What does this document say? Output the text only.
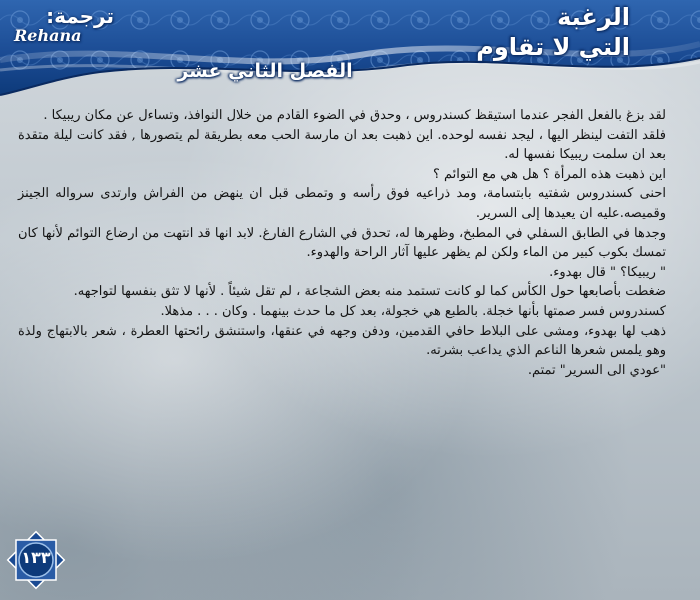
الرغبة
التي لا تقاوم
ترجمة:
Rehana
الفصل الثاني عشر

لقد بزغ بالفعل الفجر عندما استيقظ كسندروس ، وحدق في الضوء القادم من خلال النوافذ، وتساءل عن مكان ريبيكا .

فلقد التفت لينظر اليها ، ليجد نفسه لوحده. اين ذهبت بعد ان مارسة الحب معه بطريقة لم يتصورها , فقد كانت ليلة متقدة بعد ان سلمت ريبيكا نفسها له.

اين ذهبت هذه المرأة ؟ هل هي مع التوائم ؟

احنى كسندروس شفتيه بابتسامة، ومد ذراعيه فوق رأسه و وتمطى قبل ان ينهض من الفراش وارتدى سرواله الجينز وقميصه.عليه ان يعيدها إلى السرير.

وجدها في الطابق السفلي في المطبخ، وظهرها له، تحدق في الشارع الفارغ. لابد انها قد انتهت من ارضاع التوائم لأنها كان تمسك بكوب كبير من الماء ولكن لم يظهر عليها آثار الراحة والهدوء.

" ريبيكا؟ " قال بهدوء.

ضغطت بأصابعها حول الكأس كما لو كانت تستمد منه بعض الشجاعة ، لم تقل شيئاً . لأنها لا تثق بنفسها لتواجهه.

كسندروس فسر صمتها بأنها خجلة. بالطبع هي خجولة، بعد كل ما حدث بينهما . وكان . . . مذهلا.

ذهب لها بهدوء، ومشى على البلاط حافي القدمين، ودفن وجهه في عنقها، واستنشق رائحتها العطرة ، شعر بالابتهاج ولذة وهو يلمس شعرها الناعم الذي يداعب بشرته.

"عودي الى السرير" تمتم.

١٣٣
